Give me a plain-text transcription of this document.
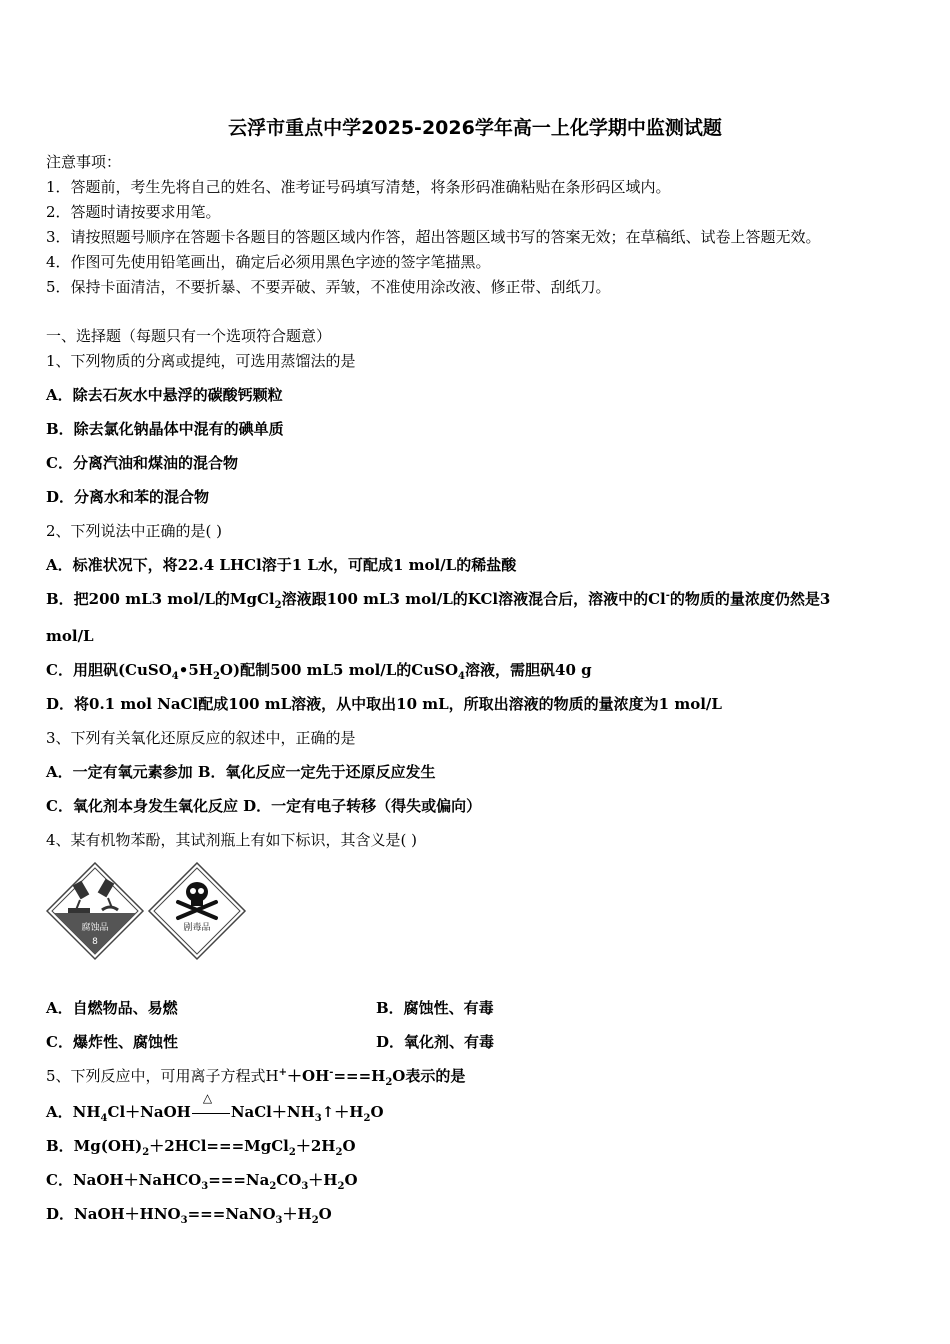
云浮市重点中学2025-2026学年高一上化学期中监测试题
注意事项：
1．答题前，考生先将自己的姓名、准考证号码填写清楚，将条形码准确粘贴在条形码区域内。
2．答题时请按要求用笔。
3．请按照题号顺序在答题卡各题目的答题区域内作答，超出答题区域书写的答案无效；在草稿纸、试卷上答题无效。
4．作图可先使用铅笔画出，确定后必须用黑色字迹的签字笔描黑。
5．保持卡面清洁，不要折暴、不要弄破、弄皱，不准使用涂改液、修正带、刮纸刀。
一、选择题（每题只有一个选项符合题意）
1、下列物质的分离或提纯，可选用蒸馏法的是
A．除去石灰水中悬浮的碳酸钙颗粒
B．除去氯化钠晶体中混有的碘单质
C．分离汽油和煤油的混合物
D．分离水和苯的混合物
2、下列说法中正确的是( )
A．标准状况下，将22.4 LHCl溶于1 L水，可配成1 mol/L的稀盐酸
B．把200 mL3 mol/L的MgCl$_2$溶液跟100 mL3 mol/L的KCl溶液混合后，溶液中的Cl-的物质的量浓度仍然是3
mol/L
C．用胆矾$(CuSO_4•5H_2O)$配制500 mL5 mol/L的CuSO$_4$溶液，需胆矾40 g
D．将0.1 mol NaCl配成100 mL溶液，从中取出10 mL，所取出溶液的物质的量浓度为1 mol/L
3、下列有关氧化还原反应的叙述中，正确的是
A．一定有氧元素参加 B．氧化反应一定先于还原反应发生
C．氧化剂本身发生氧化反应 D．一定有电子转移（得失或偏向）
4、某有机物苯酚，其试剂瓶上有如下标识，其含义是( )
腐蚀品
8
剧毒品
A．自燃物品、易燃	B．腐蚀性、有毒
C．爆炸性、腐蚀性	D．氧化剂、有毒
5、下列反应中，可用离子方程式$H^++OH^-===H_2O$表示的是
A．$NH_4Cl+NaOH$
△
$NaCl+NH_3↑+H_2O$
B．$Mg(OH)_2+2HCl===MgCl_2+2H_2O$
C．$NaOH+NaHCO_3===Na_2CO_3+H_2O$
D．$NaOH+HNO_3===NaNO_3+H_2O$
